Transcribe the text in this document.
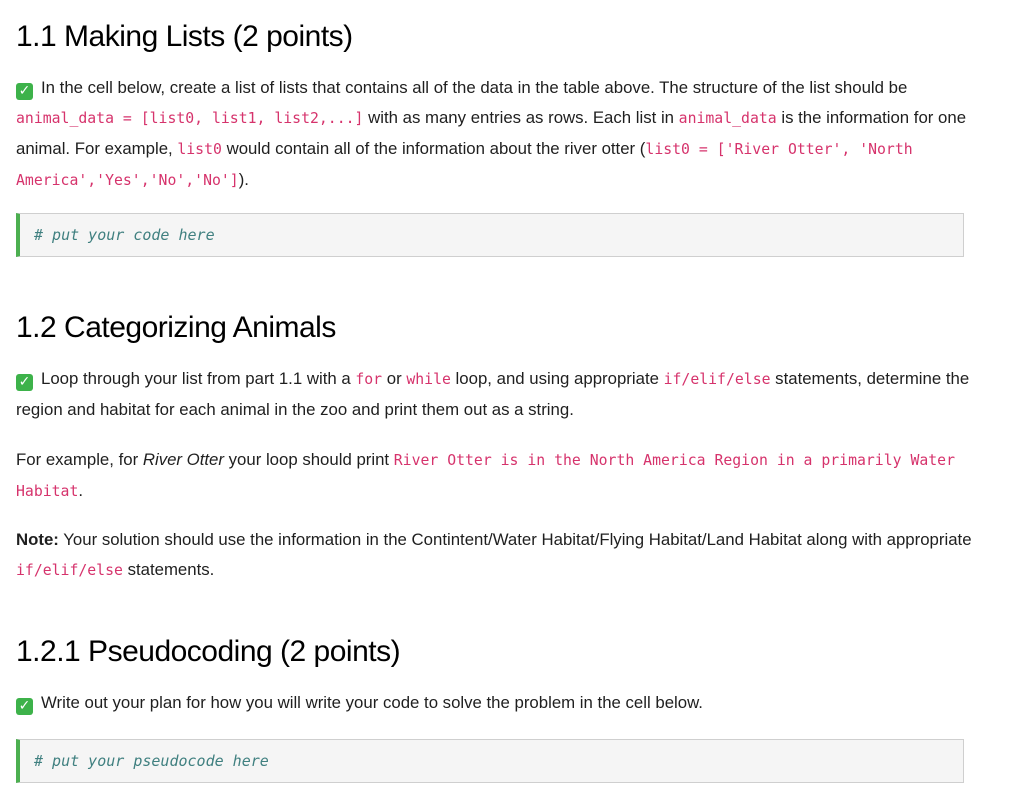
1.1 Making Lists (2 points)

✓ In the cell below, create a list of lists that contains all of the data in the table above. The structure of the list should be animal_data = [list0, list1, list2,...] with as many entries as rows. Each list in animal_data is the information for one animal. For example, list0 would contain all of the information about the river otter (list0 = ['River Otter', 'North America','Yes','No','No']).

# put your code here
1.2 Categorizing Animals

✓ Loop through your list from part 1.1 with a for or while loop, and using appropriate if/elif/else statements, determine the region and habitat for each animal in the zoo and print them out as a string.

For example, for River Otter your loop should print River Otter is in the North America Region in a primarily Water Habitat.

Note: Your solution should use the information in the Contintent/Water Habitat/Flying Habitat/Land Habitat along with appropriate if/elif/else statements.

1.2.1 Pseudocoding (2 points)

✓ Write out your plan for how you will write your code to solve the problem in the cell below.

# put your pseudocode here
